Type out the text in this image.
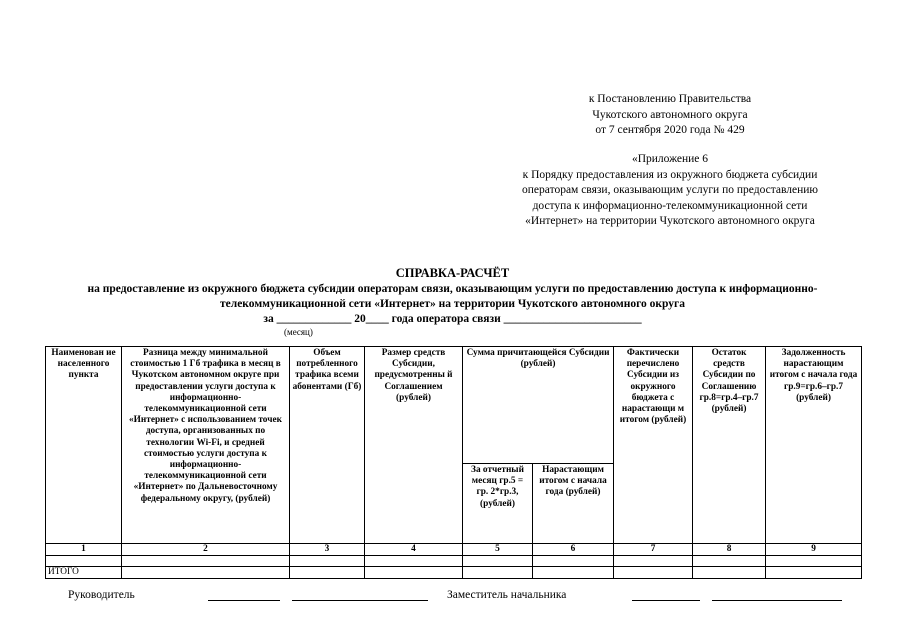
к Постановлению Правительства
Чукотского автономного округа
от 7 сентября 2020 года № 429
«Приложение 6
к Порядку предоставления из окружного бюджета субсидии
операторам связи, оказывающим услуги по предоставлению
доступа к информационно-телекоммуникационной сети
«Интернет» на территории Чукотского автономного округа
СПРАВКА-РАСЧЁТ
на предоставление из окружного бюджета субсидии операторам связи, оказывающим услуги по предоставлению доступа к информационно-
телекоммуникационной сети «Интернет» на территории Чукотского автономного округа
за _____________ 20____ года оператора связи ________________________
(месяц)
Наименован ие населенного пункта	Разница между минимальной стоимостью 1 Гб трафика в месяц в Чукотском автономном округе при предоставлении услуги доступа к информационно-телекоммуникационной сети «Интернет» с использованием точек доступа, организованных по технологии Wi-Fi, и средней стоимостью услуги доступа к информационно-телекоммуникационной сети «Интернет» по Дальневосточному федеральному округу, (рублей)	Объем потребленного трафика всеми абонентами (Гб)	Размер средств Субсидии, предусмотренны й Соглашением (рублей)	Сумма причитающейся Субсидии (рублей)		Фактически перечислено Субсидии из окружного бюджета с нарастающи м итогом (рублей)	Остаток средств Субсидии по Соглашению гр.8=гр.4–гр.7 (рублей)	Задолженность нарастающим итогом с начала года гр.9=гр.6–гр.7 (рублей)
				За отчетный месяц гр.5 = гр. 2*гр.3, (рублей)	Нарастающим итогом с начала года (рублей)			
1	2	3	4	5	6	7	8	9

ИТОГО								
Руководитель	Заместитель начальника
